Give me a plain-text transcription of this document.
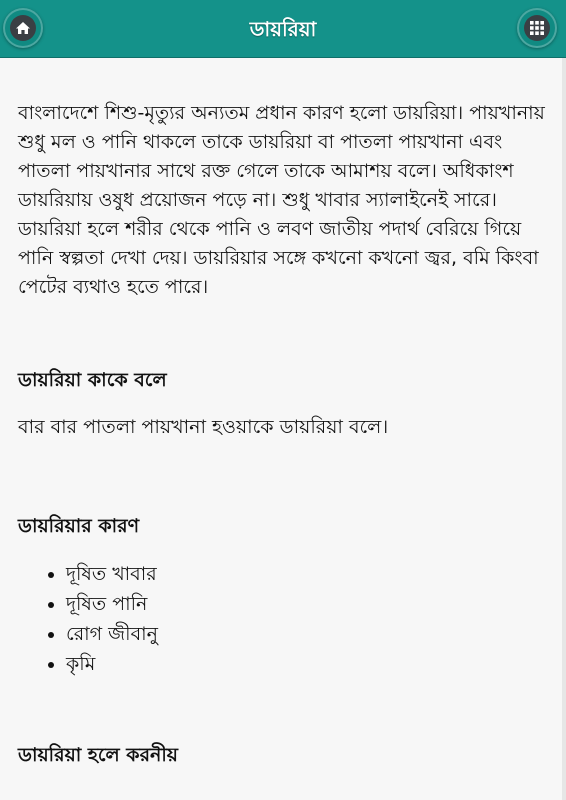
ডায়রিয়া

বাংলাদেশে শিশু-মৃত্যুর অন্যতম প্রধান কারণ হলো ডায়রিয়া। পায়খানায় শুধু মল ও পানি থাকলে তাকে ডায়রিয়া বা পাতলা পায়খানা এবং পাতলা পায়খানার সাথে রক্ত গেলে তাকে আমাশয় বলে। অধিকাংশ ডায়রিয়ায় ওষুধ প্রয়োজন পড়ে না। শুধু খাবার স্যালাইনেই সারে। ডায়রিয়া হলে শরীর থেকে পানি ও লবণ জাতীয় পদার্থ বেরিয়ে গিয়ে পানি স্বল্পতা দেখা দেয়। ডায়রিয়ার সঙ্গে কখনো কখনো জ্বর, বমি কিংবা পেটের ব্যথাও হতে পারে।

ডায়রিয়া কাকে বলে

বার বার পাতলা পায়খানা হওয়াকে ডায়রিয়া বলে।

ডায়রিয়ার কারণ
• দূষিত খাবার
• দূষিত পানি
• রোগ জীবানু
• কৃমি
ডায়রিয়া হলে করনীয়
